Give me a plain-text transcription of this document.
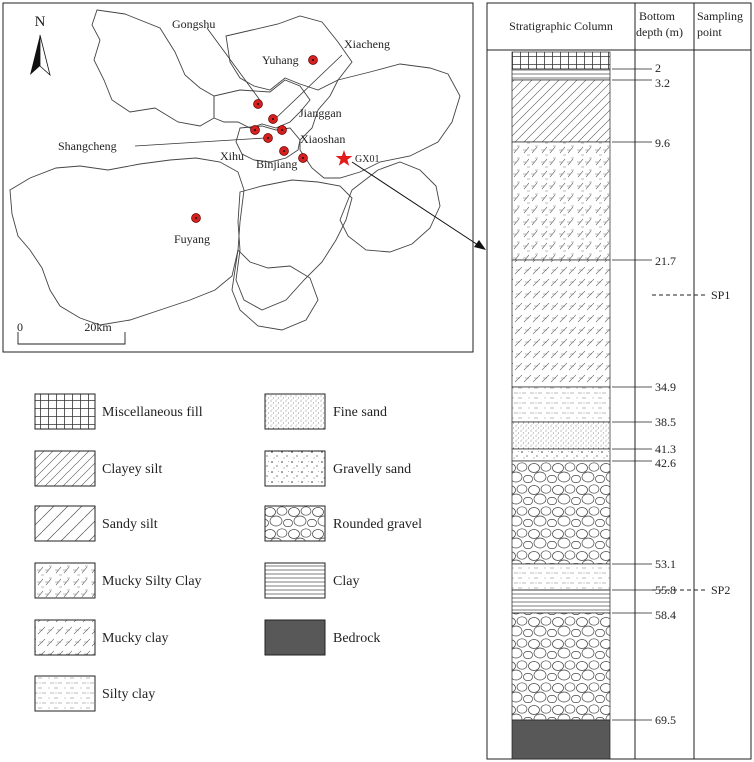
N
0	20km
Gongshu
Xiacheng
Yuhang
Jianggan
Shangcheng	Xiaoshan
Xihu
Binjiang
Fuyang
GX01
Miscellaneous fill
Clayey silt
Sandy silt
Mucky Silty Clay
Mucky clay
Silty clay
Fine sand
Gravelly sand
Rounded gravel
Clay
Bedrock
Stratigraphic Column
Bottom
depth (m)
Sampling
point
2
3.2
9.6
21.7
34.9
38.5
41.3
42.6
53.1
55.8
58.4
69.5
SP1
SP2
